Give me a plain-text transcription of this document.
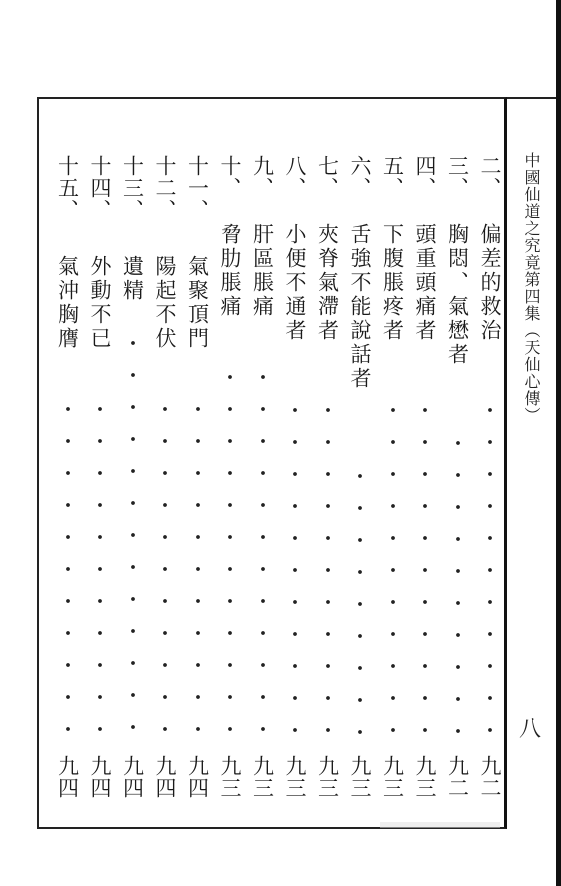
中國仙道之究竟第四集（天仙心傳）
八
二、
偏差的救治
九二
三、
胸悶、氣懋者
九二
四、
頭重頭痛者
九三
五、
下腹脹疼者
九三
六、
舌強不能說話者
九三
七、
夾脊氣滯者
九三
八、
小便不通者
九三
九、
肝區脹痛
九三
十、
脅肋脹痛
九三
十一、
氣聚頂門
九四
十二、
陽起不伏
九四
十三、
遺精
九四
十四、
外動不已
九四
十五、
氣沖胸膺
九四
